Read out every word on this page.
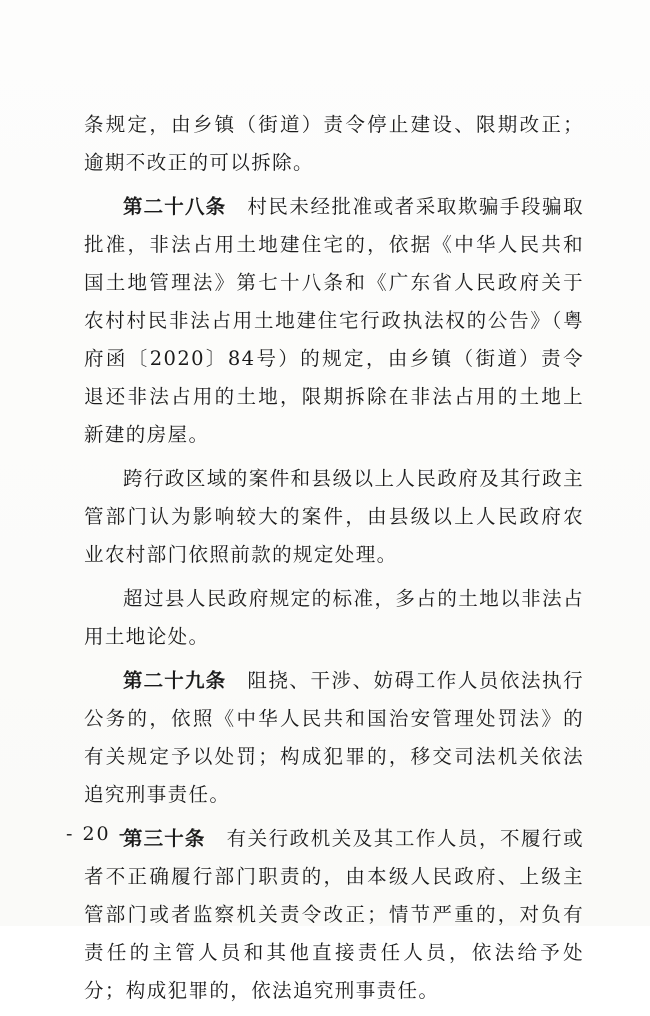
条规定，由乡镇（街道）责令停止建设、限期改正；逾期不改正的可以拆除。

第二十八条　村民未经批准或者采取欺骗手段骗取批准，非法占用土地建住宅的，依据《中华人民共和国土地管理法》第七十八条和《广东省人民政府关于农村村民非法占用土地建住宅行政执法权的公告》（粤府函〔2020〕84号）的规定，由乡镇（街道）责令退还非法占用的土地，限期拆除在非法占用的土地上新建的房屋。

跨行政区域的案件和县级以上人民政府及其行政主管部门认为影响较大的案件，由县级以上人民政府农业农村部门依照前款的规定处理。

超过县人民政府规定的标准，多占的土地以非法占用土地论处。

第二十九条　阻挠、干涉、妨碍工作人员依法执行公务的，依照《中华人民共和国治安管理处罚法》的有关规定予以处罚；构成犯罪的，移交司法机关依法追究刑事责任。

第三十条　有关行政机关及其工作人员，不履行或者不正确履行部门职责的，由本级人民政府、上级主管部门或者监察机关责令改正；情节严重的，对负有责任的主管人员和其他直接责任人员，依法给予处分；构成犯罪的，依法追究刑事责任。

- 20 -
